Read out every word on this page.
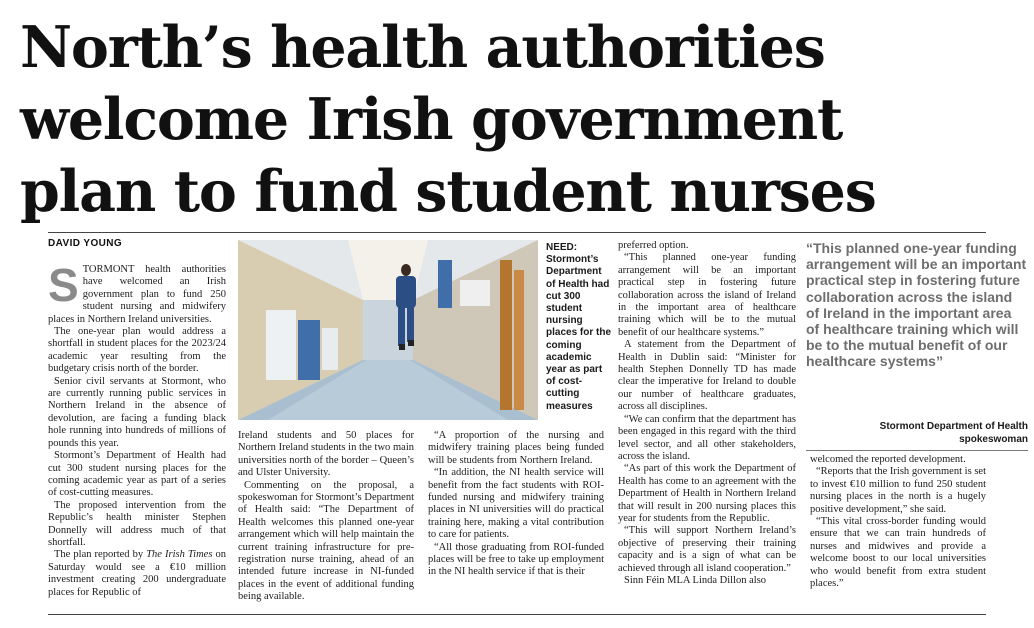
North’s health authorities
welcome Irish government
plan to fund student nurses
DAVID YOUNG

STORMONT health authorities have welcomed an Irish government plan to fund 250 student nursing and midwifery places in Northern Ireland universities.

The one-year plan would address a shortfall in student places for the 2023/24 academic year resulting from the budgetary crisis north of the border.

Senior civil servants at Stormont, who are currently running public services in Northern Ireland in the absence of devolution, are facing a funding black hole running into hundreds of millions of pounds this year.

Stormont’s Department of Health had cut 300 student nursing places for the coming academic year as part of a series of cost-cutting measures.

The proposed intervention from the Republic’s health minister Stephen Donnelly will address much of that shortfall.

The plan reported by The Irish Times on Saturday would see a €10 million investment creating 200 undergraduate places for Republic of

NEED: Stormont’s Department of Health had cut 300 student nursing places for the coming academic year as part of cost-cutting measures

Ireland students and 50 places for Northern Ireland students in the two main universities north of the border – Queen’s and Ulster University.

Commenting on the proposal, a spokeswoman for Stormont’s Department of Health said: “The Department of Health welcomes this planned one-year arrangement which will help maintain the current training infrastructure for pre-registration nurse training, ahead of an intended future increase in NI-funded places in the event of additional funding being available.

“A proportion of the nursing and midwifery training places being funded will be students from Northern Ireland.

“In addition, the NI health service will benefit from the fact students with ROI-funded nursing and midwifery training places in NI universities will do practical training here, making a vital contribution to care for patients.

“All those graduating from ROI-funded places will be free to take up employment in the NI health service if that is their

preferred option.

“This planned one-year funding arrangement will be an important practical step in fostering future collaboration across the island of Ireland in the important area of healthcare training which will be to the mutual benefit of our healthcare systems.”

A statement from the Department of Health in Dublin said: “Minister for health Stephen Donnelly TD has made clear the imperative for Ireland to double our number of healthcare graduates, across all disciplines.

“We can confirm that the department has been engaged in this regard with the third level sector, and all other stakeholders, across the island.

“As part of this work the Department of Health has come to an agreement with the Department of Health in Northern Ireland that will result in 200 nursing places this year for students from the Republic.

“This will support Northern Ireland’s objective of preserving their training capacity and is a sign of what can be achieved through all island cooperation.”

Sinn Féin MLA Linda Dillon also

“This planned one-year funding arrangement will be an important practical step in fostering future collaboration across the island of Ireland in the important area of healthcare training which will be to the mutual benefit of our healthcare systems”
Stormont Department of Health
spokeswoman

welcomed the reported development.

“Reports that the Irish government is set to invest €10 million to fund 250 student nursing places in the north is a hugely positive development,” she said.

“This vital cross-border funding would ensure that we can train hundreds of nurses and midwives and provide a welcome boost to our local universities who would benefit from extra student places.”
